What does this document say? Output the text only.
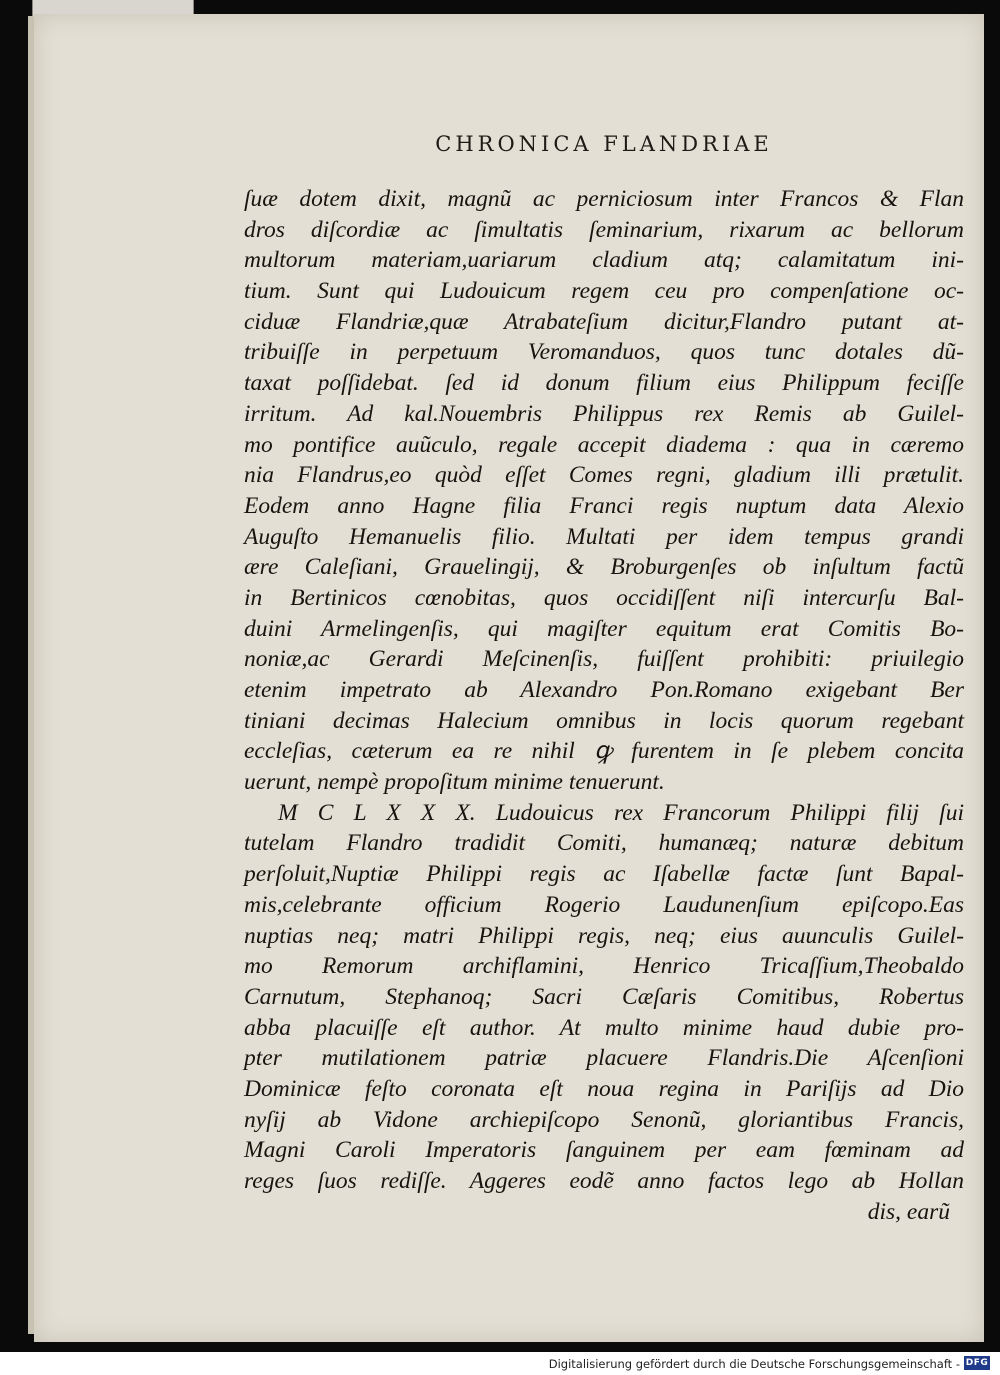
CHRONICA FLANDRIAE
ſuæ dotem dixit, magnũ ac perniciosum inter Francos & Flan
dros diſcordiæ ac ſimultatis ſeminarium, rixarum ac bellorum
multorum materiam,uariarum cladium atq; calamitatum ini-
tium. Sunt qui Ludouicum regem ceu pro compenſatione oc-
ciduæ Flandriæ,quæ Atrabateſium dicitur,Flandro putant at-
tribuiſſe in perpetuum Veromanduos, quos tunc dotales dũ-
taxat poſſidebat. ſed id donum filium eius Philippum feciſſe
irritum. Ad kal.Nouembris Philippus rex Remis ab Guilel-
mo pontifice auũculo, regale accepit diadema : qua in cæremo
nia Flandrus,eo quòd eſſet Comes regni, gladium illi prætulit.
Eodem anno Hagne filia Franci regis nuptum data Alexio
Auguſto Hemanuelis filio. Multati per idem tempus grandi
ære Caleſiani, Grauelingij, & Broburgenſes ob inſultum factũ
in Bertinicos cœnobitas, quos occidiſſent niſi intercurſu Bal-
duini Armelingenſis, qui magiſter equitum erat Comitis Bo-
noniæ,ac Gerardi Meſcinenſis, fuiſſent prohibiti: priuilegio
etenim impetrato ab Alexandro Pon.Romano exigebant Ber
tiniani decimas Halecium omnibus in locis quorum regebant
eccleſias, cæterum ea re nihil ꝙ furentem in ſe plebem concita
uerunt, nempè propoſitum minime tenuerunt.
M C L X X X. Ludouicus rex Francorum Philippi filij ſui
tutelam Flandro tradidit Comiti, humanæq; naturæ debitum
perſoluit,Nuptiæ Philippi regis ac Iſabellæ factæ ſunt Bapal-
mis,celebrante officium Rogerio Laudunenſium epiſcopo.Eas
nuptias neq; matri Philippi regis, neq; eius auunculis Guilel-
mo Remorum archiflamini, Henrico Tricaſſium,Theobaldo
Carnutum, Stephanoq; Sacri Cæſaris Comitibus, Robertus
abba placuiſſe eſt author. At multo minime haud dubie pro-
pter mutilationem patriæ placuere Flandris.Die Aſcenſioni
Dominicæ feſto coronata eſt noua regina in Pariſijs ad Dio
nyſij ab Vidone archiepiſcopo Senonũ, gloriantibus Francis,
Magni Caroli Imperatoris ſanguinem per eam fœminam ad
reges ſuos rediſſe. Aggeres eodẽ anno factos lego ab Hollan
dis, earũ
Digitalisierung gefördert durch die Deutsche Forschungsgemeinschaft - DFG
